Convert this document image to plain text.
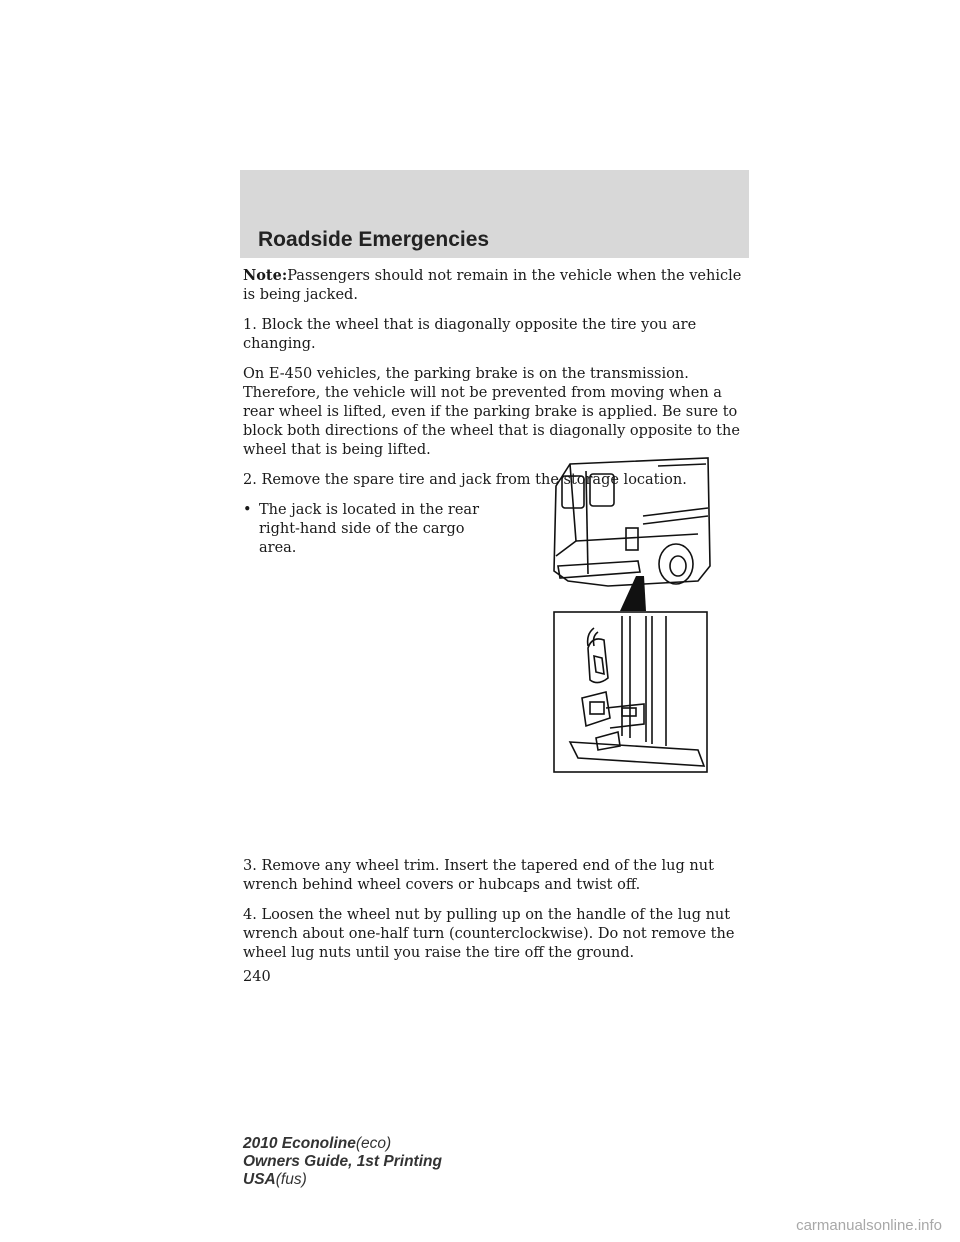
Roadside Emergencies

Note:Passengers should not remain in the vehicle when the vehicle is being jacked.

1. Block the wheel that is diagonally opposite the tire you are changing.

On E-450 vehicles, the parking brake is on the transmission. Therefore, the vehicle will not be prevented from moving when a rear wheel is lifted, even if the parking brake is applied. Be sure to block both directions of the wheel that is diagonally opposite to the wheel that is being lifted.

2. Remove the spare tire and jack from the storage location.

• The jack is located in the rear right-hand side of the cargo area.

3. Remove any wheel trim. Insert the tapered end of the lug nut wrench behind wheel covers or hubcaps and twist off.

4. Loosen the wheel nut by pulling up on the handle of the lug nut wrench about one-half turn (counterclockwise). Do not remove the wheel lug nuts until you raise the tire off the ground.

240
2010 Econoline(eco)
Owners Guide, 1st Printing
USA(fus)
carmanualsonline.info
